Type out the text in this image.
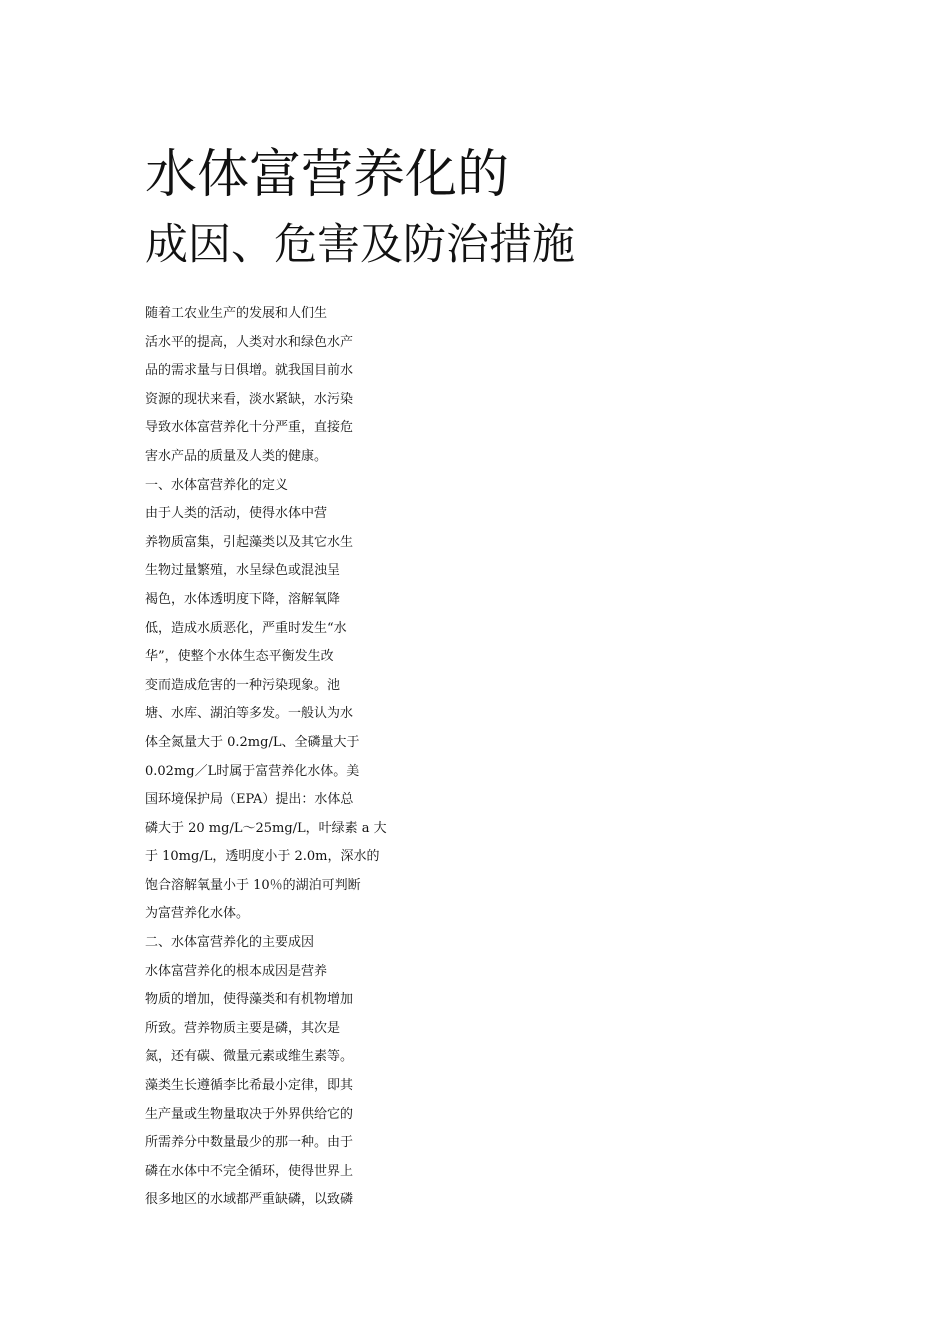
水体富营养化的
成因、危害及防治措施
随着工农业生产的发展和人们生
活水平的提高，人类对水和绿色水产
品的需求量与日俱增。就我国目前水
资源的现状来看，淡水紧缺，水污染
导致水体富营养化十分严重，直接危
害水产品的质量及人类的健康。
一、水体富营养化的定义
由于人类的活动，使得水体中营
养物质富集，引起藻类以及其它水生
生物过量繁殖，水呈绿色或混浊呈
褐色，水体透明度下降，溶解氧降
低，造成水质恶化，严重时发生“水
华”，使整个水体生态平衡发生改
变而造成危害的一种污染现象。池
塘、水库、湖泊等多发。一般认为水
体全氮量大于 0.2mg/L、全磷量大于
0.02mg／L时属于富营养化水体。美
国环境保护局（EPA）提出：水体总
磷大于 20 mg/L～25mg/L，叶绿素 a 大
于 10mg/L，透明度小于 2.0m，深水的
饱合溶解氧量小于 10％的湖泊可判断
为富营养化水体。
二、水体富营养化的主要成因
水体富营养化的根本成因是营养
物质的增加，使得藻类和有机物增加
所致。营养物质主要是磷，其次是
氮，还有碳、微量元素或维生素等。
藻类生长遵循李比希最小定律，即其
生产量或生物量取决于外界供给它的
所需养分中数量最少的那一种。由于
磷在水体中不完全循环，使得世界上
很多地区的水域都严重缺磷，以致磷
